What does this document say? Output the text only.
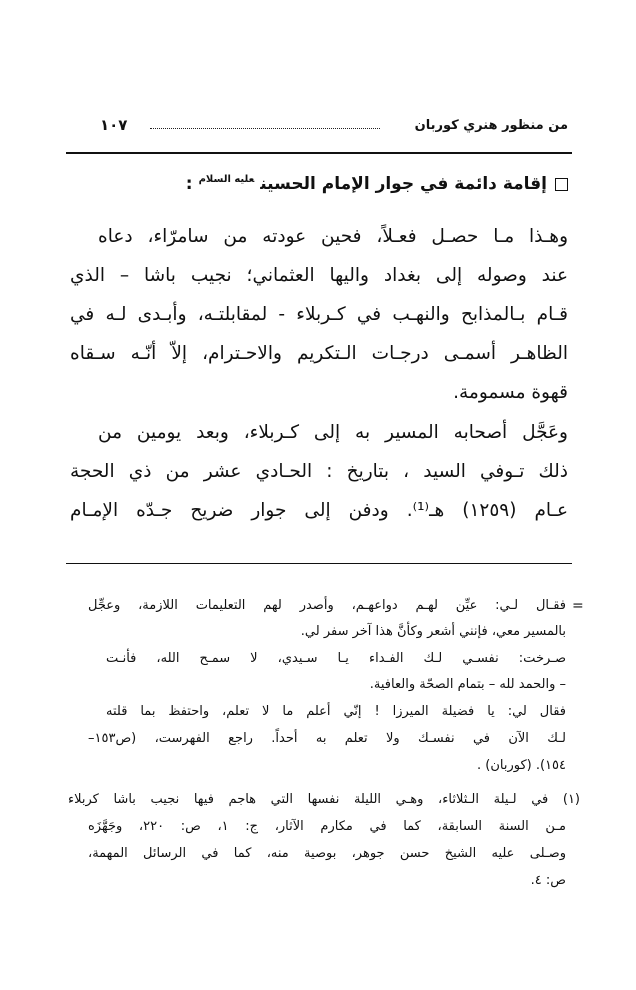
من منظور هنري كوربان
١٠٧
إقامة دائمة في جوار الإمام الحسين$^{عليه السلام}$:
وهـذا مـا حصـل فعـلاً، فحين عودته من سامرّاء، دعاه
عند وصوله إلى بغداد واليها العثماني؛ نجيب باشا – الذي
قـام بـالمذابح والنهـب في كـربلاء - لمقابلتـه، وأبـدى لـه في
الظاهـر أسمـى درجـات الـتكريم والاحـترام، إلاّ أنّـه سـقاه
قهوة مسمومة.
وعَجَّل أصحابه المسير به إلى كـربلاء، وبعد يومين من
ذلك تـوفي السيد ، بتاريخ : الحـادي عشر من ذي الحجة
عـام (١٢٥٩) هـ⁽¹⁾. ودفن إلى جوار ضريح جـدّه الإمـام
=
فقـال لـي: عيِّن لهـم دواعهـم، وأصدر لهم التعليمات اللازمة، وعجِّل
بالمسير معي، فإنني أشعر وكأنَّ هذا آخر سفر لي.
صـرخت: نفسـي لـك الفـداء يـا سـيدي، لا سمـح الله، فأنـت
– والحمد لله – بتمام الصحّة والعافية.
فقال لي: يا فضيلة الميرزا ! إنّي أعلم ما لا تعلم، واحتفظ بما قلته
لـك الآن في نفسـك ولا تعلم به أحداً. راجع الفهرست، (ص١٥٣–
١٥٤). (كوربان) .
(١) في لـيلة الـثلاثاء، وهـي الليلة نفسها التي هاجم فيها نجيب باشا كربلاء
مـن السنة السابقة، كما في مكارم الآثار، ج: ١، ص: ٢٢٠، وجَهَّزَه
وصـلى عليه الشيخ حسن جوهر، بوصية منه، كما في الرسائل المهمة،
ص: ٤.
